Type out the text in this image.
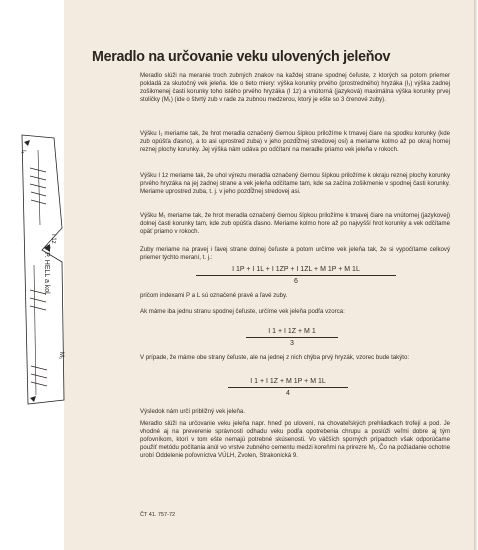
Meradlo na určovanie veku ulovených jeleňov

Meradlo slúži na meranie troch zubných znakov na každej strane spodnej čeľuste, z ktorých sa potom priemer pokladá za skutočný vek jeleňa. Ide o tieto miery: výška korunky prvého (prostredného) hryzáka (I₁) výška zadnej zošikmenej časti korunky toho istého prvého hryzáka (I 1z) a vnútorná (jazyková) maximálna výška korunky prvej stoličky (M₁) (ide o štvrtý zub v rade za zubnou medzerou, ktorý je ešte so 3 črenové zuby).

Výšku I₁ meriame tak, že hrot meradla označený čiernou šípkou priložíme k tmavej čiare na spodku korunky (kde zub opúšťa ďasno), a to asi uprostred zuba) v jeho pozdĺžnej stredovej osi) a meriame kolmo až po okraj hornej reznej plochy korunky. Jej výška nám udáva po odčítaní na meradle priamo vek jeleňa v rokoch.

Výšku I 1z meriame tak, že uhol výrezu meradla označený čiernou šípkou priložíme k okraju reznej plochy korunky prvého hryzáka na jej zadnej strane a vek jeleňa odčítame tam, kde sa začína zošikmenie v spodnej časti korunky. Meriame uprostred zuba, t. j. v jeho pozdĺžnej stredovej asi.

Výšku M₁ meriame tak, že hrot meradla označený čiernou šípkou priložíme k tmavej čiare na vnútornej (jazykovej) dolnej časti korunky tam, kde zub opúšťa ďasno. Meriame kolmo hore až po najvyšší hrot korunky a vek odčítame opäť priamo v rokoch.

Zuby meriame na pravej i ľavej strane dolnej čeľuste a potom určíme vek jeleňa tak, že si vypočítame celkový priemer týchto meraní, t. j.:

$\frac{I 1P + I 1L + I 1ZP + I 1ZL + M 1P + M 1L}{6}$

pričom indexami P a L sú označené pravé a ľavé zuby.

Ak máme iba jednu stranu spodnej čeľuste, určíme vek jeleňa podľa vzorca:

$\frac{I 1 + I 1Z + M 1}{3}$

V prípade, že máme obe strany čeľuste, ale na jednej z nich chýba prvý hryzák, vzorec bude takýto:

$\frac{I 1 + I 1Z + M 1P + M 1L}{4}$

Výsledok nám určí približný vek jeleňa.

Meradlo slúži na určovanie veku jeleňa napr. hneď po ulovení, na chovateľských prehliadkach trofejí a pod. Je vhodné aj na preverenie správnosti odhadu veku podľa opotrebenia chrupu a poslúži veľmi dobre aj tým poľovníkom, ktorí v tom ešte nemajú potrebné skúsenosti. Vo väčších sporných prípadoch však odporúčame použiť metódu počítania anúl vo vrstve zubného cementu medzi koreňmi na prirezre M₁. Čo na požiadanie ochotne urobí Oddelenie poľovníctva VÚLH, Zvolen, Strakonická 9.

ČT 41. 757-72
© P. HELL a kol.
I₁
I 1z
M₁
